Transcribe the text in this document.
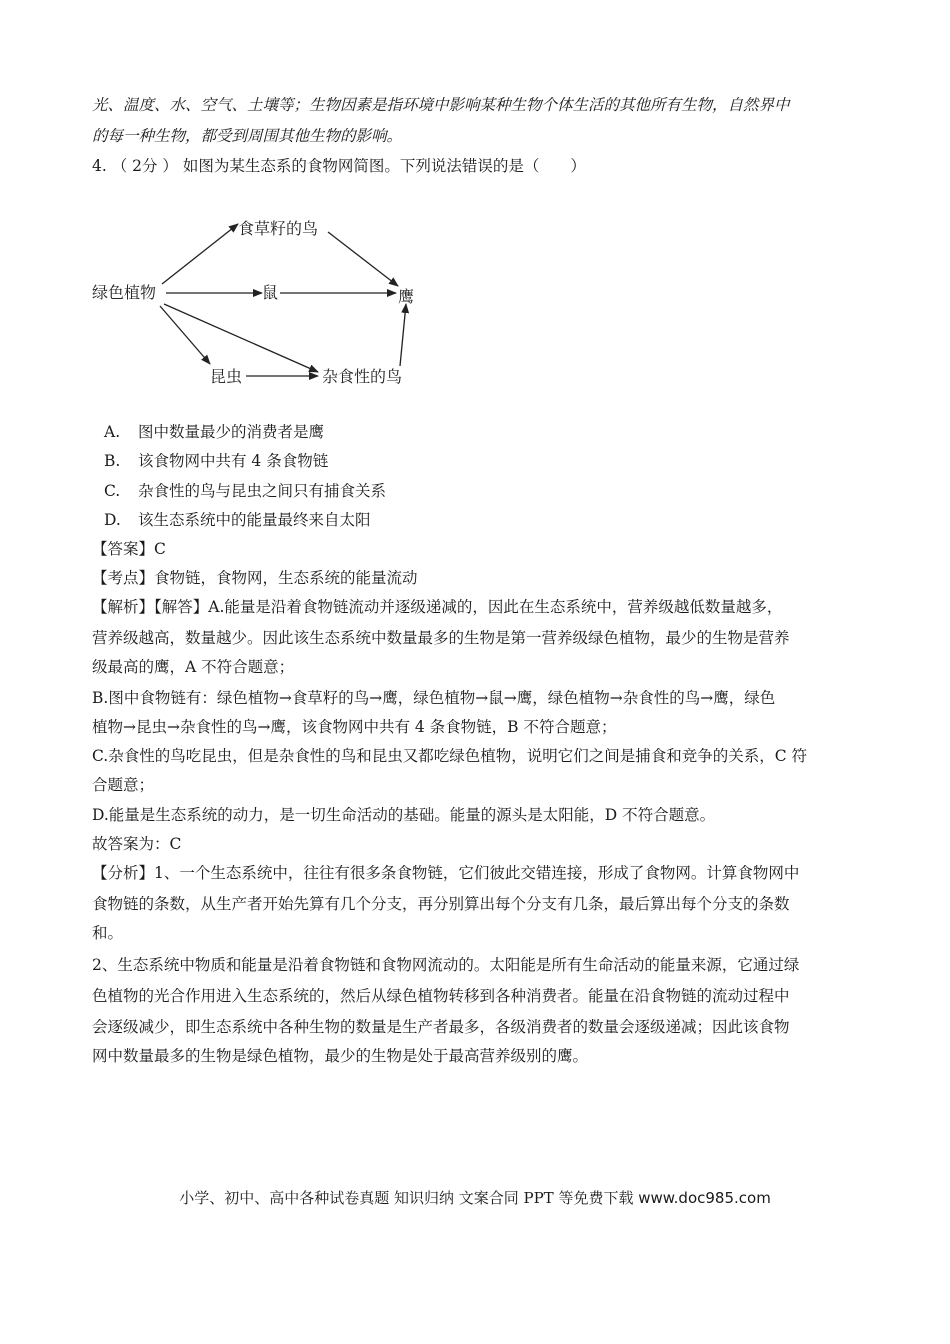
光、温度、水、空气、土壤等；生物因素是指环境中影响某种生物个体生活的其他所有生物，自然界中
的每一种生物，都受到周围其他生物的影响。
4. （ 2分 ） 如图为某生态系的食物网简图。下列说法错误的是（　　）
食草籽的鸟
绿色植物	鼠	鹰
昆虫	杂食性的鸟
A. 图中数量最少的消费者是鹰
B. 该食物网中共有 4 条食物链
C. 杂食性的鸟与昆虫之间只有捕食关系
D. 该生态系统中的能量最终来自太阳
【答案】C
【考点】食物链，食物网，生态系统的能量流动
【解析】【解答】A.能量是沿着食物链流动并逐级递减的，因此在生态系统中，营养级越低数量越多，
营养级越高，数量越少。因此该生态系统中数量最多的生物是第一营养级绿色植物，最少的生物是营养
级最高的鹰，A 不符合题意；
B.图中食物链有：绿色植物→食草籽的鸟→鹰，绿色植物→鼠→鹰，绿色植物→杂食性的鸟→鹰，绿色
植物→昆虫→杂食性的鸟→鹰，该食物网中共有 4 条食物链，B 不符合题意；
C.杂食性的鸟吃昆虫，但是杂食性的鸟和昆虫又都吃绿色植物，说明它们之间是捕食和竞争的关系，C 符
合题意；
D.能量是生态系统的动力，是一切生命活动的基础。能量的源头是太阳能，D 不符合题意。
故答案为：C
【分析】1、一个生态系统中，往往有很多条食物链，它们彼此交错连接，形成了食物网。计算食物网中
食物链的条数，从生产者开始先算有几个分支，再分别算出每个分支有几条，最后算出每个分支的条数
和。
2、生态系统中物质和能量是沿着食物链和食物网流动的。太阳能是所有生命活动的能量来源，它通过绿
色植物的光合作用进入生态系统的，然后从绿色植物转移到各种消费者。能量在沿食物链的流动过程中
会逐级减少，即生态系统中各种生物的数量是生产者最多，各级消费者的数量会逐级递减；因此该食物
网中数量最多的生物是绿色植物，最少的生物是处于最高营养级别的鹰。
小学、初中、高中各种试卷真题 知识归纳 文案合同 PPT 等免费下载 www.doc985.com
